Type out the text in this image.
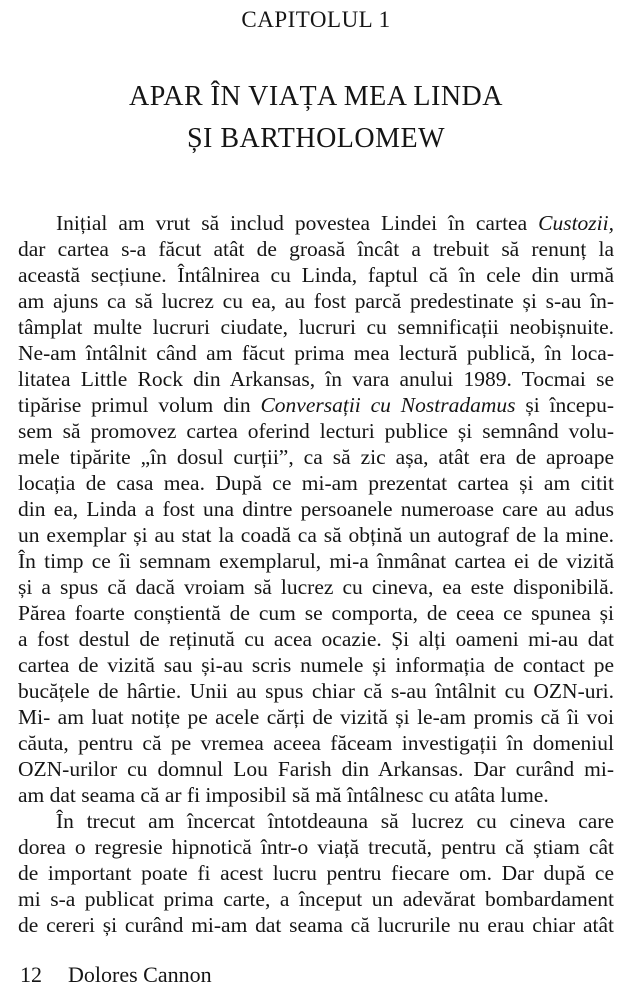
CAPITOLUL 1
APAR ÎN VIAȚA MEA LINDA
ȘI BARTHOLOMEW
Inițial am vrut să includ povestea Lindei în cartea Custozii,
dar cartea s-a făcut atât de groasă încât a trebuit să renunț la
această secțiune. Întâlnirea cu Linda, faptul că în cele din urmă
am ajuns ca să lucrez cu ea, au fost parcă predestinate și s-au în-
tâmplat multe lucruri ciudate, lucruri cu semnificații neobișnuite.
Ne-am întâlnit când am făcut prima mea lectură publică, în loca-
litatea Little Rock din Arkansas, în vara anului 1989. Tocmai se
tipărise primul volum din Conversații cu Nostradamus și începu-
sem să promovez cartea oferind lecturi publice și semnând volu-
mele tipărite „în dosul curții”, ca să zic așa, atât era de aproape
locația de casa mea. După ce mi-am prezentat cartea și am citit
din ea, Linda a fost una dintre persoanele numeroase care au adus
un exemplar și au stat la coadă ca să obțină un autograf de la mine.
În timp ce îi semnam exemplarul, mi-a înmânat cartea ei de vizită
și a spus că dacă vroiam să lucrez cu cineva, ea este disponibilă.
Părea foarte conștientă de cum se comporta, de ceea ce spunea și
a fost destul de reținută cu acea ocazie. Și alți oameni mi-au dat
cartea de vizită sau și-au scris numele și informația de contact pe
bucățele de hârtie. Unii au spus chiar că s-au întâlnit cu OZN-uri.
Mi- am luat notițe pe acele cărți de vizită și le-am promis că îi voi
căuta, pentru că pe vremea aceea făceam investigații în domeniul
OZN-urilor cu domnul Lou Farish din Arkansas. Dar curând mi-
am dat seama că ar fi imposibil să mă întâlnesc cu atâta lume.
În trecut am încercat întotdeauna să lucrez cu cineva care
dorea o regresie hipnotică într-o viață trecută, pentru că știam cât
de important poate fi acest lucru pentru fiecare om. Dar după ce
mi s-a publicat prima carte, a început un adevărat bombardament
de cereri și curând mi-am dat seama că lucrurile nu erau chiar atât
12 Dolores Cannon
